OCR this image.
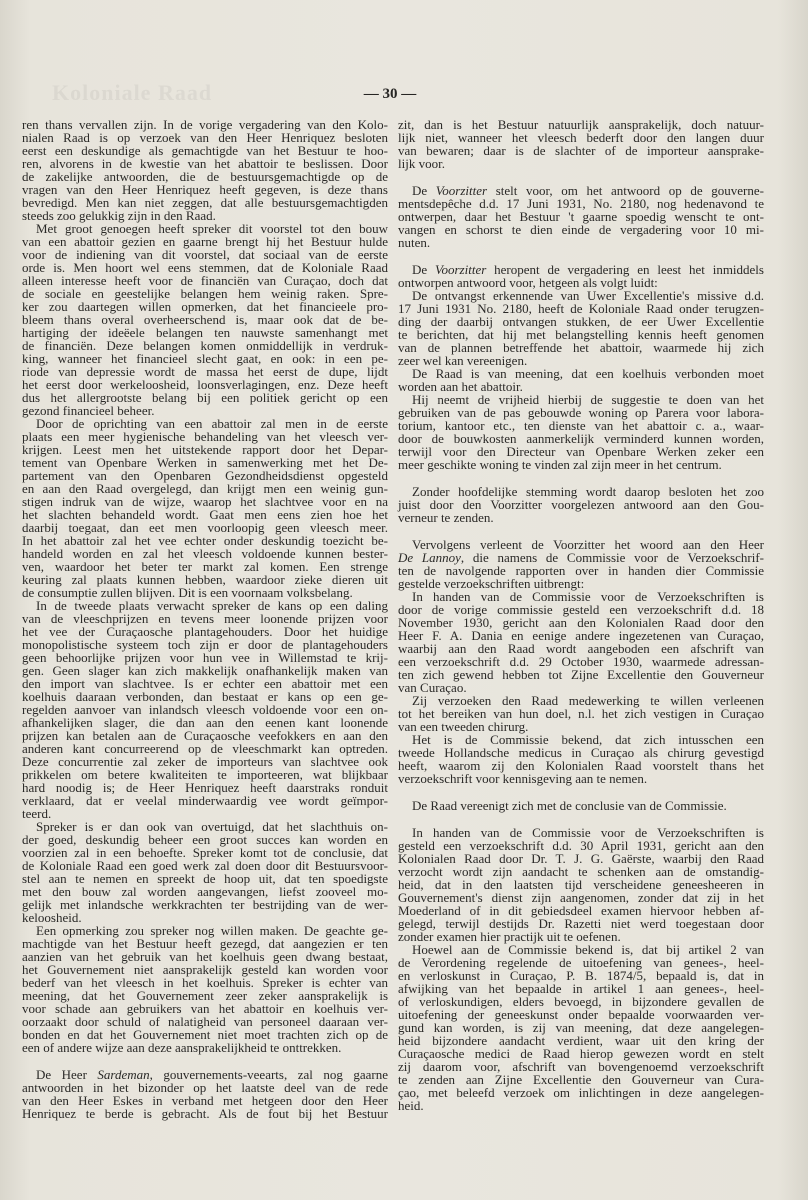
Koloniale Raad	— 30 —
ren thans vervallen zijn. In de vorige vergadering van den Kolo-
nialen Raad is op verzoek van den Heer Henriquez besloten
eerst een deskundige als gemachtigde van het Bestuur te hoo-
ren, alvorens in de kwestie van het abattoir te beslissen. Door
de zakelijke antwoorden, die de bestuursgemachtigde op de
vragen van den Heer Henriquez heeft gegeven, is deze thans
bevredigd. Men kan niet zeggen, dat alle bestuursgemachtigden
steeds zoo gelukkig zijn in den Raad.
Met groot genoegen heeft spreker dit voorstel tot den bouw
van een abattoir gezien en gaarne brengt hij het Bestuur hulde
voor de indiening van dit voorstel, dat sociaal van de eerste
orde is. Men hoort wel eens stemmen, dat de Koloniale Raad
alleen interesse heeft voor de financiën van Curaçao, doch dat
de sociale en geestelijke belangen hem weinig raken. Spre-
ker zou daartegen willen opmerken, dat het financieele pro-
bleem thans overal overheerschend is, maar ook dat de be-
hartiging der ideëele belangen ten nauwste samenhangt met
de financiën. Deze belangen komen onmiddellijk in verdruk-
king, wanneer het financieel slecht gaat, en ook: in een pe-
riode van depressie wordt de massa het eerst de dupe, lijdt
het eerst door werkeloosheid, loonsverlagingen, enz. Deze heeft
dus het allergrootste belang bij een politiek gericht op een
gezond financieel beheer.
Door de oprichting van een abattoir zal men in de eerste
plaats een meer hygienische behandeling van het vleesch ver-
krijgen. Leest men het uitstekende rapport door het Depar-
tement van Openbare Werken in samenwerking met het De-
partement van den Openbaren Gezondheidsdienst opgesteld
en aan den Raad overgelegd, dan krijgt men een weinig gun-
stigen indruk van de wijze, waarop het slachtvee voor en na
het slachten behandeld wordt. Gaat men eens zien hoe het
daarbij toegaat, dan eet men voorloopig geen vleesch meer.
In het abattoir zal het vee echter onder deskundig toezicht be-
handeld worden en zal het vleesch voldoende kunnen bester-
ven, waardoor het beter ter markt zal komen. Een strenge
keuring zal plaats kunnen hebben, waardoor zieke dieren uit
de consumptie zullen blijven. Dit is een voornaam volksbelang.
In de tweede plaats verwacht spreker de kans op een daling
van de vleeschprijzen en tevens meer loonende prijzen voor
het vee der Curaçaosche plantagehouders. Door het huidige
monopolistische systeem toch zijn er door de plantagehouders
geen behoorlijke prijzen voor hun vee in Willemstad te krij-
gen. Geen slager kan zich makkelijk onafhankelijk maken van
den import van slachtvee. Is er echter een abattoir met een
koelhuis daaraan verbonden, dan bestaat er kans op een ge-
regelden aanvoer van inlandsch vleesch voldoende voor een on-
afhankelijken slager, die dan aan den eenen kant loonende
prijzen kan betalen aan de Curaçaosche veefokkers en aan den
anderen kant concurreerend op de vleeschmarkt kan optreden.
Deze concurrentie zal zeker de importeurs van slachtvee ook
prikkelen om betere kwaliteiten te importeeren, wat blijkbaar
hard noodig is; de Heer Henriquez heeft daarstraks ronduit
verklaard, dat er veelal minderwaardig vee wordt geïmpor-
teerd.
Spreker is er dan ook van overtuigd, dat het slachthuis on-
der goed, deskundig beheer een groot succes kan worden en
voorzien zal in een behoefte. Spreker komt tot de conclusie, dat
de Koloniale Raad een goed werk zal doen door dit Bestuursvoor-
stel aan te nemen en spreekt de hoop uit, dat ten spoedigste
met den bouw zal worden aangevangen, liefst zooveel mo-
gelijk met inlandsche werkkrachten ter bestrijding van de wer-
keloosheid.
Een opmerking zou spreker nog willen maken. De geachte ge-
machtigde van het Bestuur heeft gezegd, dat aangezien er ten
aanzien van het gebruik van het koelhuis geen dwang bestaat,
het Gouvernement niet aansprakelijk gesteld kan worden voor
bederf van het vleesch in het koelhuis. Spreker is echter van
meening, dat het Gouvernement zeer zeker aansprakelijk is
voor schade aan gebruikers van het abattoir en koelhuis ver-
oorzaakt door schuld of nalatigheid van personeel daaraan ver-
bonden en dat het Gouvernement niet moet trachten zich op de
een of andere wijze aan deze aansprakelijkheid te onttrekken.
De Heer Sardeman, gouvernements-veearts, zal nog gaarne
antwoorden in het bizonder op het laatste deel van de rede
van den Heer Eskes in verband met hetgeen door den Heer
Henriquez te berde is gebracht. Als de fout bij het Bestuur
zit, dan is het Bestuur natuurlijk aansprakelijk, doch natuur-
lijk niet, wanneer het vleesch bederft door den langen duur
van bewaren; daar is de slachter of de importeur aansprake-
lijk voor.
De Voorzitter stelt voor, om het antwoord op de gouverne-
mentsdepêche d.d. 17 Juni 1931, No. 2180, nog hedenavond te
ontwerpen, daar het Bestuur 't gaarne spoedig wenscht te ont-
vangen en schorst te dien einde de vergadering voor 10 mi-
nuten.
De Voorzitter heropent de vergadering en leest het inmiddels
ontworpen antwoord voor, hetgeen als volgt luidt:
De ontvangst erkennende van Uwer Excellentie's missive d.d.
17 Juni 1931 No. 2180, heeft de Koloniale Raad onder terugzen-
ding der daarbij ontvangen stukken, de eer Uwer Excellentie
te berichten, dat hij met belangstelling kennis heeft genomen
van de plannen betreffende het abattoir, waarmede hij zich
zeer wel kan vereenigen.
De Raad is van meening, dat een koelhuis verbonden moet
worden aan het abattoir.
Hij neemt de vrijheid hierbij de suggestie te doen van het
gebruiken van de pas gebouwde woning op Parera voor labora-
torium, kantoor etc., ten dienste van het abattoir c. a., waar-
door de bouwkosten aanmerkelijk verminderd kunnen worden,
terwijl voor den Directeur van Openbare Werken zeker een
meer geschikte woning te vinden zal zijn meer in het centrum.
Zonder hoofdelijke stemming wordt daarop besloten het zoo
juist door den Voorzitter voorgelezen antwoord aan den Gou-
verneur te zenden.
Vervolgens verleent de Voorzitter het woord aan den Heer
De Lannoy, die namens de Commissie voor de Verzoekschrif-
ten de navolgende rapporten over in handen dier Commissie
gestelde verzoekschriften uitbrengt:
In handen van de Commissie voor de Verzoekschriften is
door de vorige commissie gesteld een verzoekschrift d.d. 18
November 1930, gericht aan den Kolonialen Raad door den
Heer F. A. Dania en eenige andere ingezetenen van Curaçao,
waarbij aan den Raad wordt aangeboden een afschrift van
een verzoekschrift d.d. 29 October 1930, waarmede adressan-
ten zich gewend hebben tot Zijne Excellentie den Gouverneur
van Curaçao.
Zij verzoeken den Raad medewerking te willen verleenen
tot het bereiken van hun doel, n.l. het zich vestigen in Curaçao
van een tweeden chirurg.
Het is de Commissie bekend, dat zich intusschen een
tweede Hollandsche medicus in Curaçao als chirurg gevestigd
heeft, waarom zij den Kolonialen Raad voorstelt thans het
verzoekschrift voor kennisgeving aan te nemen.
De Raad vereenigt zich met de conclusie van de Commissie.
In handen van de Commissie voor de Verzoekschriften is
gesteld een verzoekschrift d.d. 30 April 1931, gericht aan den
Kolonialen Raad door Dr. T. J. G. Gaërste, waarbij den Raad
verzocht wordt zijn aandacht te schenken aan de omstandig-
heid, dat in den laatsten tijd verscheidene geneesheeren in
Gouvernement's dienst zijn aangenomen, zonder dat zij in het
Moederland of in dit gebiedsdeel examen hiervoor hebben af-
gelegd, terwijl destijds Dr. Razetti niet werd toegestaan door
zonder examen hier practijk uit te oefenen.
Hoewel aan de Commissie bekend is, dat bij artikel 2 van
de Verordening regelende de uitoefening van genees-, heel-
en verloskunst in Curaçao, P. B. 1874/5, bepaald is, dat in
afwijking van het bepaalde in artikel 1 aan genees-, heel-
of verloskundigen, elders bevoegd, in bijzondere gevallen de
uitoefening der geneeskunst onder bepaalde voorwaarden ver-
gund kan worden, is zij van meening, dat deze aangelegen-
heid bijzondere aandacht verdient, waar uit den kring der
Curaçaosche medici de Raad hierop gewezen wordt en stelt
zij daarom voor, afschrift van bovengenoemd verzoekschrift
te zenden aan Zijne Excellentie den Gouverneur van Cura-
çao, met beleefd verzoek om inlichtingen in deze aangelegen-
heid.
